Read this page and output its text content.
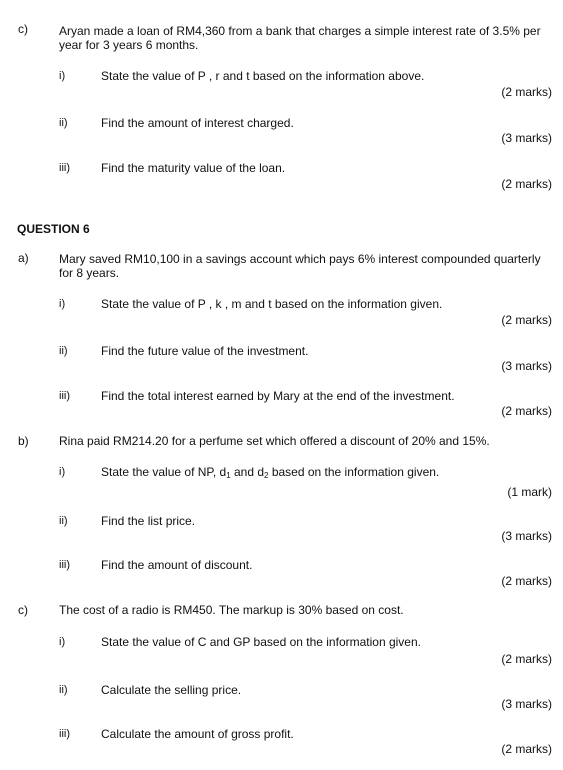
c)	Aryan made a loan of RM4,360 from a bank that charges a simple interest rate of 3.5% per year for 3 years 6 months.
i)	State the value of P , r and t based on the information above.
(2 marks)
ii)	Find the amount of interest charged.
(3 marks)
iii)	Find the maturity value of the loan.
(2 marks)
QUESTION 6
a)	Mary saved RM10,100 in a savings account which pays 6% interest compounded quarterly for 8 years.
i)	State the value of P , k , m and t based on the information given.
(2 marks)
ii)	Find the future value of the investment.
(3 marks)
iii)	Find the total interest earned by Mary at the end of the investment.
(2 marks)
b)	Rina paid RM214.20 for a perfume set which offered a discount of 20% and 15%.
i)	State the value of NP, $d_1$ and $d_2$ based on the information given.
(1 mark)
ii)	Find the list price.
(3 marks)
iii)	Find the amount of discount.
(2 marks)
c)	The cost of a radio is RM450. The markup is 30% based on cost.
i)	State the value of C and GP based on the information given.
(2 marks)
ii)	Calculate the selling price.
(3 marks)
iii)	Calculate the amount of gross profit.
(2 marks)
